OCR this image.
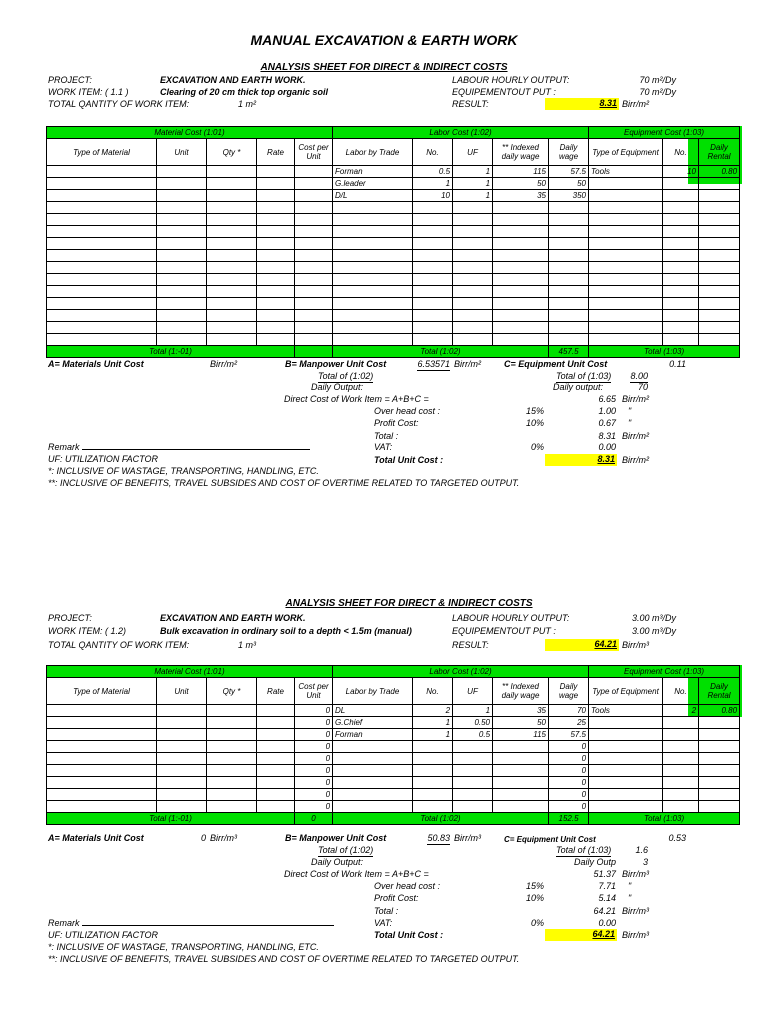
MANUAL EXCAVATION & EARTH WORK
ANALYSIS SHEET FOR DIRECT & INDIRECT COSTS
PROJECT:	EXCAVATION AND EARTH WORK.	LABOUR HOURLY OUTPUT:	70 m²/Dy
WORK ITEM: ( 1.1 )	Clearing of 20 cm thick top organic soil	EQUIPEMENTOUT PUT :	70 m²/Dy
TOTAL QANTITY OF WORK ITEM:	1 m²	RESULT:	8.31 Birr/m²
Material Cost (1:01)					Labor Cost (1:02)					Equipment Cost (1:03)		
Type of Material	Unit	Qty *	Rate	Cost per Unit	Labor by Trade	No.	UF	** Indexed daily wage	Daily wage	Type of Equipment	No.	Daily Rental
					Forman	0.5	1	115	57.5	Tools	10	0.80
					G.leader	1	1	50	50			
					D/L	10	1	35	350			

Total (1:-01)					Total (1:02)				457.5	Total (1:03)		
A= Materials Unit Cost	Birr/m²	B= Manpower Unit Cost	6.53571 Birr/m²	C= Equipment Unit Cost	0.11
Total of (1:02)	Total of (1:03)	8.00
Daily Output:	Daily output:	70
Direct Cost of Work Item = A+B+C =	6.65 Birr/m²
Over head cost :	15%	1.00 "
Profit Cost:	10%	0.67 "
Total :	8.31 Birr/m²
Remark	VAT:	0%	0.00
UF: UTILIZATION FACTOR	Total Unit Cost :	8.31 Birr/m²
*: INCLUSIVE OF WASTAGE, TRANSPORTING, HANDLING, ETC.
**: INCLUSIVE OF BENEFITS, TRAVEL SUBSIDES AND COST OF OVERTIME RELATED TO TARGETED OUTPUT.
ANALYSIS SHEET FOR DIRECT & INDIRECT COSTS
PROJECT:	EXCAVATION AND EARTH WORK.	LABOUR HOURLY OUTPUT:	3.00 m³/Dy
WORK ITEM: ( 1.2)	Bulk excavation in ordinary soil to a depth < 1.5m (manual)	EQUIPEMENTOUT PUT :	3.00 m³/Dy
TOTAL QANTITY OF WORK ITEM:	1 m³	RESULT:	64.21 Birr/m³
Material Cost (1:01)					Labor Cost (1:02)					Equipment Cost (1:03)		
Type of Material	Unit	Qty *	Rate	Cost per Unit	Labor by Trade	No.	UF	** Indexed daily wage	Daily wage	Type of Equipment	No.	Daily Rental
				0	DL	2	1	35	70	Tools	2	0.80
				0	G.Chief	1	0.50	50	25			
				0	Forman	1	0.5	115	57.5			
				0					0			
				0					0			
				0					0			
				0					0			
				0					0			
				0					0			
Total (1:-01)				0	Total (1:02)				152.5	Total (1:03)		
A= Materials Unit Cost	0 Birr/m³	B= Manpower Unit Cost	50.83 Birr/m³	C= Equipment Unit Cost	0.53
Total of (1:02)	Total of (1:03)	1.6
Daily Output:	Daily Outp	3
Direct Cost of Work Item = A+B+C =	51.37 Birr/m³
Over head cost :	15%	7.71 "
Profit Cost:	10%	5.14 "
Total :	64.21 Birr/m³
Remark	VAT:	0%	0.00
UF: UTILIZATION FACTOR	Total Unit Cost :	64.21 Birr/m³
*: INCLUSIVE OF WASTAGE, TRANSPORTING, HANDLING, ETC.
**: INCLUSIVE OF BENEFITS, TRAVEL SUBSIDES AND COST OF OVERTIME RELATED TO TARGETED OUTPUT.
